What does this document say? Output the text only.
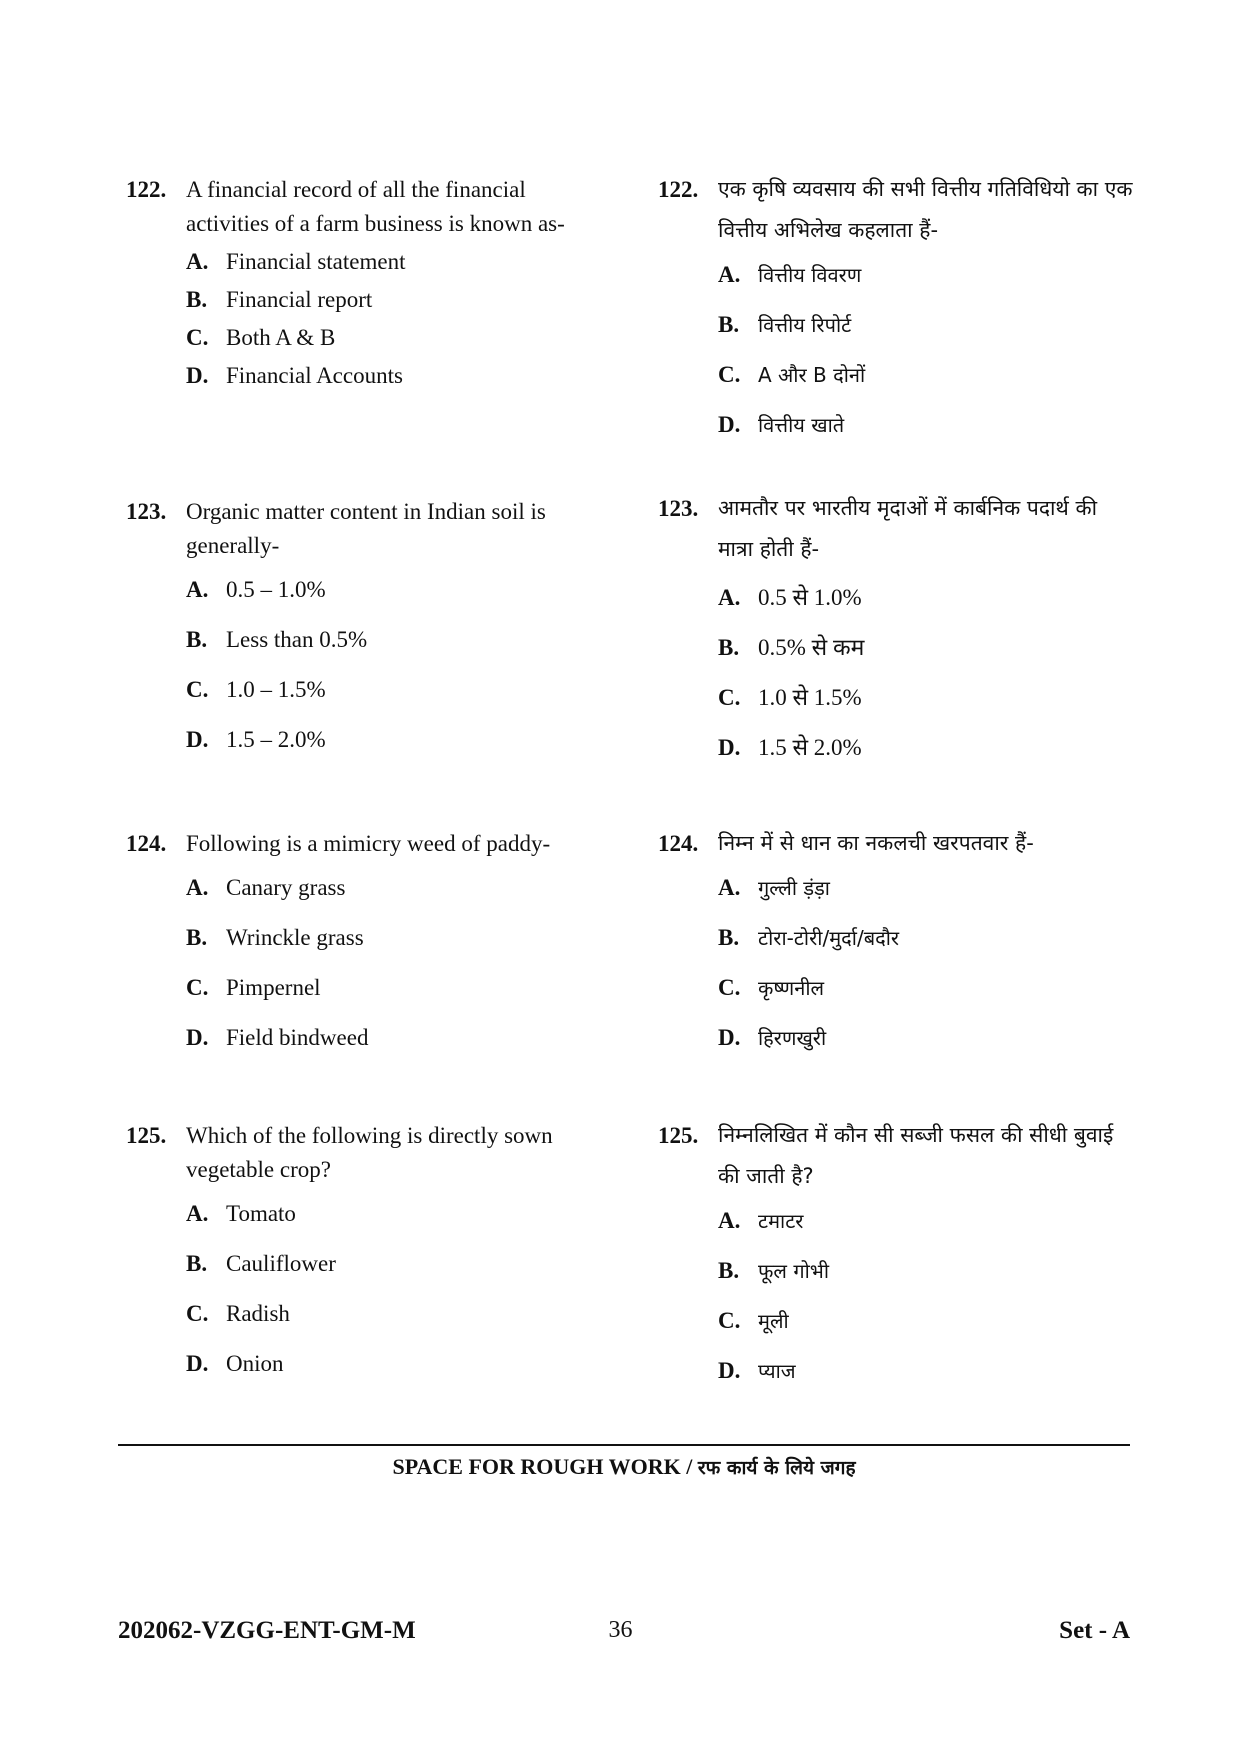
122. A financial record of all the financial activities of a farm business is known as-
A. Financial statement
B. Financial report
C. Both A & B
D. Financial Accounts
123. Organic matter content in Indian soil is generally-
A. 0.5 – 1.0%
B. Less than 0.5%
C. 1.0 – 1.5%
D. 1.5 – 2.0%
124. Following is a mimicry weed of paddy-
A. Canary grass
B. Wrinckle grass
C. Pimpernel
D. Field bindweed
125. Which of the following is directly sown vegetable crop?
A. Tomato
B. Cauliflower
C. Radish
D. Onion
122. एक कृषि व्यवसाय की सभी वित्तीय गतिविधियो का एक वित्तीय अभिलेख कहलाता हैं-
A. वित्तीय विवरण
B. वित्तीय रिपोर्ट
C. A और B दोनों
D. वित्तीय खाते
123. आमतौर पर भारतीय मृदाओं में कार्बनिक पदार्थ की मात्रा होती हैं-
A. 0.5 से 1.0%
B. 0.5% से कम
C. 1.0 से 1.5%
D. 1.5 से 2.0%
124. निम्न में से धान का नकलची खरपतवार हैं-
A. गुल्ली ड़ंड़ा
B. टोरा-टोरी/मुर्दा/बदौर
C. कृष्णनील
D. हिरणखुरी
125. निम्नलिखित में कौन सी सब्जी फसल की सीधी बुवाई की जाती है?
A. टमाटर
B. फूल गोभी
C. मूली
D. प्याज
SPACE FOR ROUGH WORK / रफ कार्य के लिये जगह
202062-VZGG-ENT-GM-M	36	Set - A
